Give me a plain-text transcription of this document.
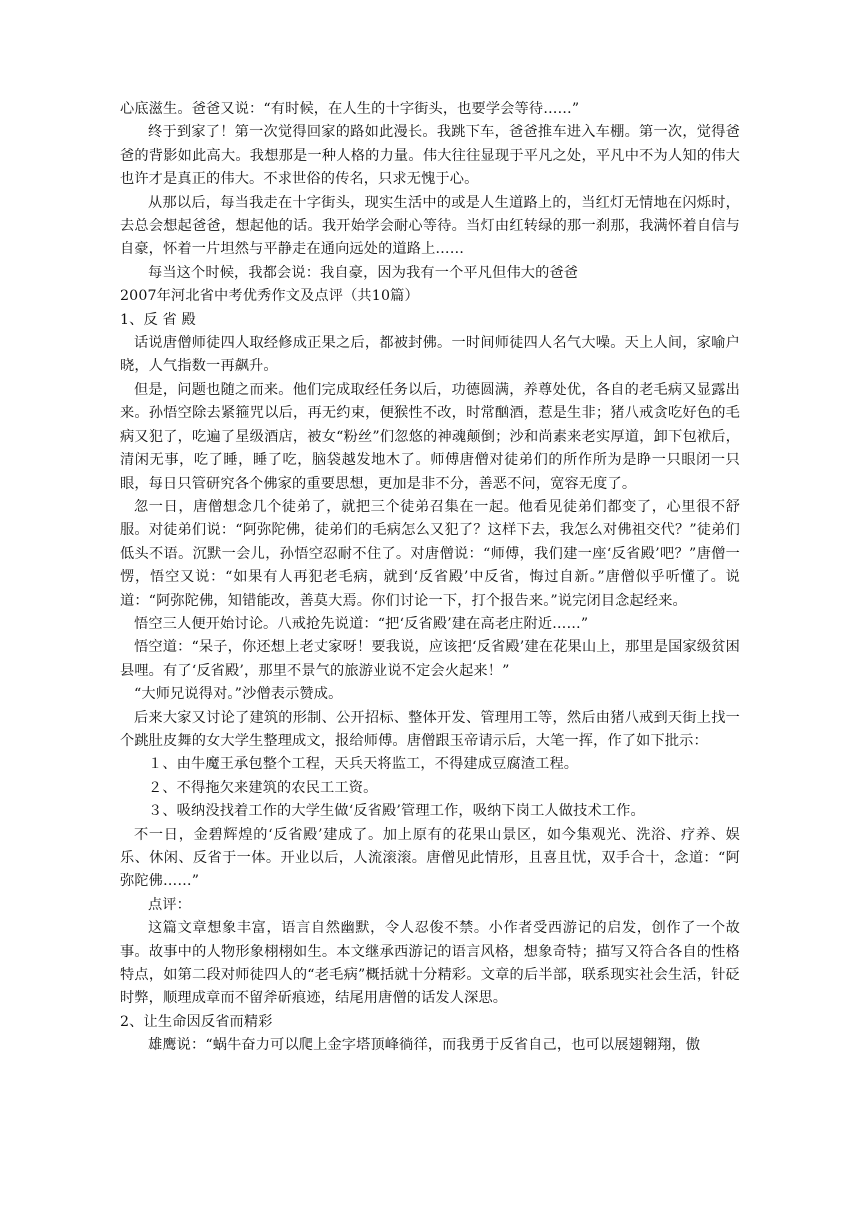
心底滋生。爸爸又说：“有时候，在人生的十字街头，也要学会等待……”

终于到家了！第一次觉得回家的路如此漫长。我跳下车，爸爸推车进入车棚。第一次，觉得爸爸的背影如此高大。我想那是一种人格的力量。伟大往往显现于平凡之处，平凡中不为人知的伟大也许才是真正的伟大。不求世俗的传名，只求无愧于心。

从那以后，每当我走在十字街头，现实生活中的或是人生道路上的，当红灯无情地在闪烁时，去总会想起爸爸，想起他的话。我开始学会耐心等待。当灯由红转绿的那一刹那，我满怀着自信与自豪，怀着一片坦然与平静走在通向远处的道路上……

每当这个时候，我都会说：我自豪，因为我有一个平凡但伟大的爸爸

2007年河北省中考优秀作文及点评（共10篇）

1、反 省 殿

话说唐僧师徒四人取经修成正果之后，都被封佛。一时间师徒四人名气大噪。天上人间，家喻户晓，人气指数一再飙升。

但是，问题也随之而来。他们完成取经任务以后，功德圆满，养尊处优，各自的老毛病又显露出来。孙悟空除去紧箍咒以后，再无约束，便猴性不改，时常酗酒，惹是生非；猪八戒贪吃好色的毛病又犯了，吃遍了星级酒店，被女“粉丝”们忽悠的神魂颠倒；沙和尚素来老实厚道，卸下包袱后，清闲无事，吃了睡，睡了吃，脑袋越发地木了。师傅唐僧对徒弟们的所作所为是睁一只眼闭一只眼，每日只管研究各个佛家的重要思想，更加是非不分，善恶不问，宽容无度了。

忽一日，唐僧想念几个徒弟了，就把三个徒弟召集在一起。他看见徒弟们都变了，心里很不舒服。对徒弟们说：“阿弥陀佛，徒弟们的毛病怎么又犯了？这样下去，我怎么对佛祖交代？”徒弟们低头不语。沉默一会儿，孙悟空忍耐不住了。对唐僧说：“师傅，我们建一座‘反省殿’吧？”唐僧一愣，悟空又说：“如果有人再犯老毛病，就到‘反省殿’中反省，悔过自新。”唐僧似乎听懂了。说道：“阿弥陀佛，知错能改，善莫大焉。你们讨论一下，打个报告来。”说完闭目念起经来。

悟空三人便开始讨论。八戒抢先说道：“把‘反省殿’建在高老庄附近……”

悟空道：“呆子，你还想上老丈家呀！要我说，应该把‘反省殿’建在花果山上，那里是国家级贫困县哩。有了‘反省殿’，那里不景气的旅游业说不定会火起来！”

“大师兄说得对。”沙僧表示赞成。

后来大家又讨论了建筑的形制、公开招标、整体开发、管理用工等，然后由猪八戒到天街上找一个跳肚皮舞的女大学生整理成文，报给师傅。唐僧跟玉帝请示后，大笔一挥，作了如下批示：

１、由牛魔王承包整个工程，天兵天将监工，不得建成豆腐渣工程。

２、不得拖欠来建筑的农民工工资。

３、吸纳没找着工作的大学生做‘反省殿’管理工作，吸纳下岗工人做技术工作。

不一日，金碧辉煌的‘反省殿’建成了。加上原有的花果山景区，如今集观光、洗浴、疗养、娱乐、休闲、反省于一体。开业以后，人流滚滚。唐僧见此情形，且喜且忧，双手合十，念道：“阿弥陀佛……”

点评：

这篇文章想象丰富，语言自然幽默，令人忍俊不禁。小作者受西游记的启发，创作了一个故事。故事中的人物形象栩栩如生。本文继承西游记的语言风格，想象奇特；描写又符合各自的性格特点，如第二段对师徒四人的“老毛病”概括就十分精彩。文章的后半部，联系现实社会生活，针砭时弊，顺理成章而不留斧斫痕迹，结尾用唐僧的话发人深思。

2、让生命因反省而精彩

雄鹰说：“蜗牛奋力可以爬上金字塔顶峰徜徉，而我勇于反省自己，也可以展翅翱翔，傲
